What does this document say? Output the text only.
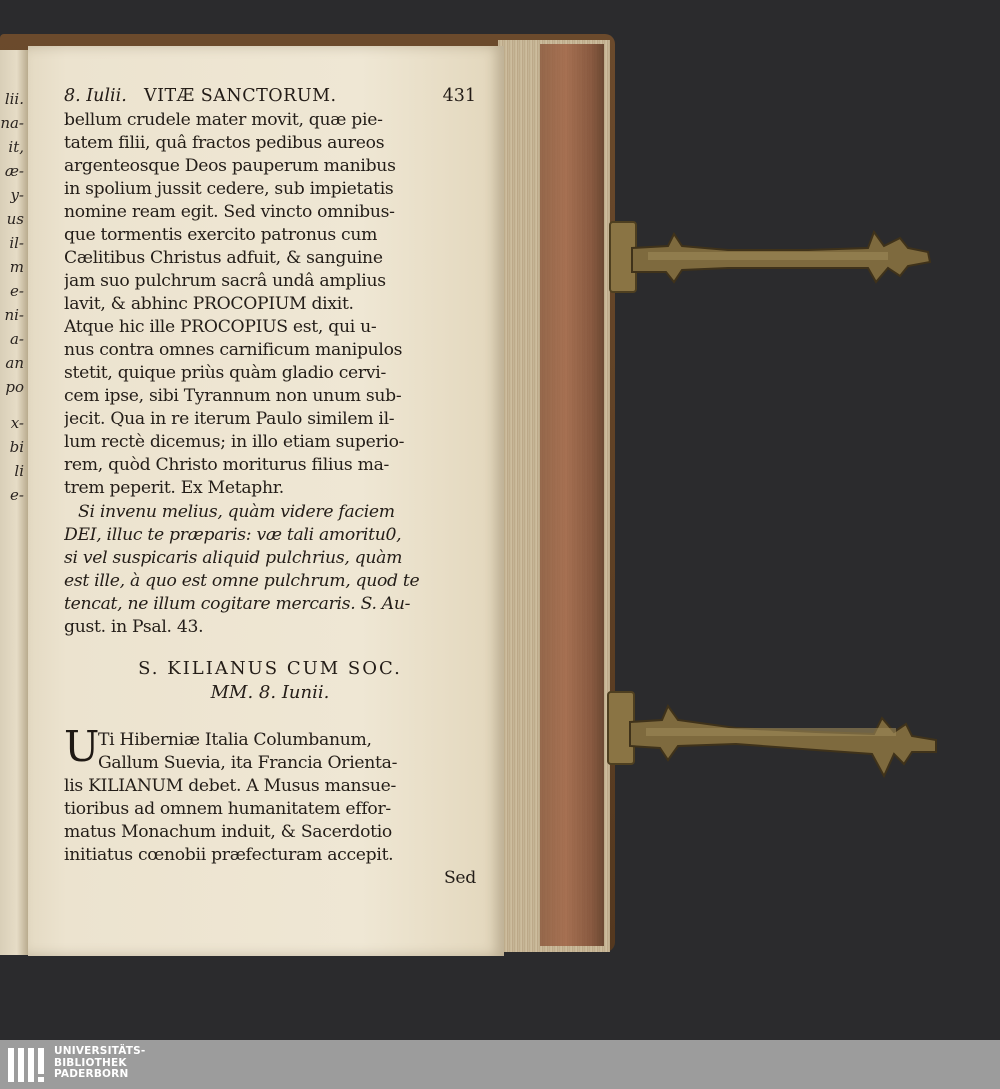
lii.
na-
it,
æ-
y-
us
il-
m
e-
ni-
a-
an
po
x-
bi
li
e-
8. Iulii. VITÆ SANCTORUM.	431
bellum crudele mater movit, quæ pie-
tatem filii, quâ fractos pedibus aureos
argenteosque Deos pauperum manibus
in spolium jussit cedere, sub impietatis
nomine ream egit. Sed vincto omnibus-
que tormentis exercito patronus cum
Cælitibus Christus adfuit, & sanguine
jam suo pulchrum sacrâ undâ amplius
lavit, & abhinc PROCOPIUM dixit.
Atque hic ille PROCOPIUS est, qui u-
nus contra omnes carnificum manipulos
stetit, quique priùs quàm gladio cervi-
cem ipse, sibi Tyrannum non unum sub-
jecit. Qua in re iterum Paulo similem il-
lum rectè dicemus; in illo etiam superio-
rem, quòd Christo moriturus filius ma-
trem peperit. Ex Metaphr.
Si invenu melius, quàm videre faciem
DEI, illuc te præparis: væ tali amoritu0,
si vel suspicaris aliquid pulchrius, quàm
est ille, à quo est omne pulchrum, quod te
tencat, ne illum cogitare mercaris. S. Au-
gust. in Psal. 43.
S. KILIANUS CUM SOC.
MM. 8. Iunii.
U
Ti Hiberniæ Italia Columbanum,
Gallum Suevia, ita Francia Orienta-
lis KILIANUM debet. A Musus mansue-
tioribus ad omnem humanitatem effor-
matus Monachum induit, & Sacerdotio
initiatus cœnobii præfecturam accepit.
Sed
UNIVERSITÄTS-
BIBLIOTHEK
PADERBORN
